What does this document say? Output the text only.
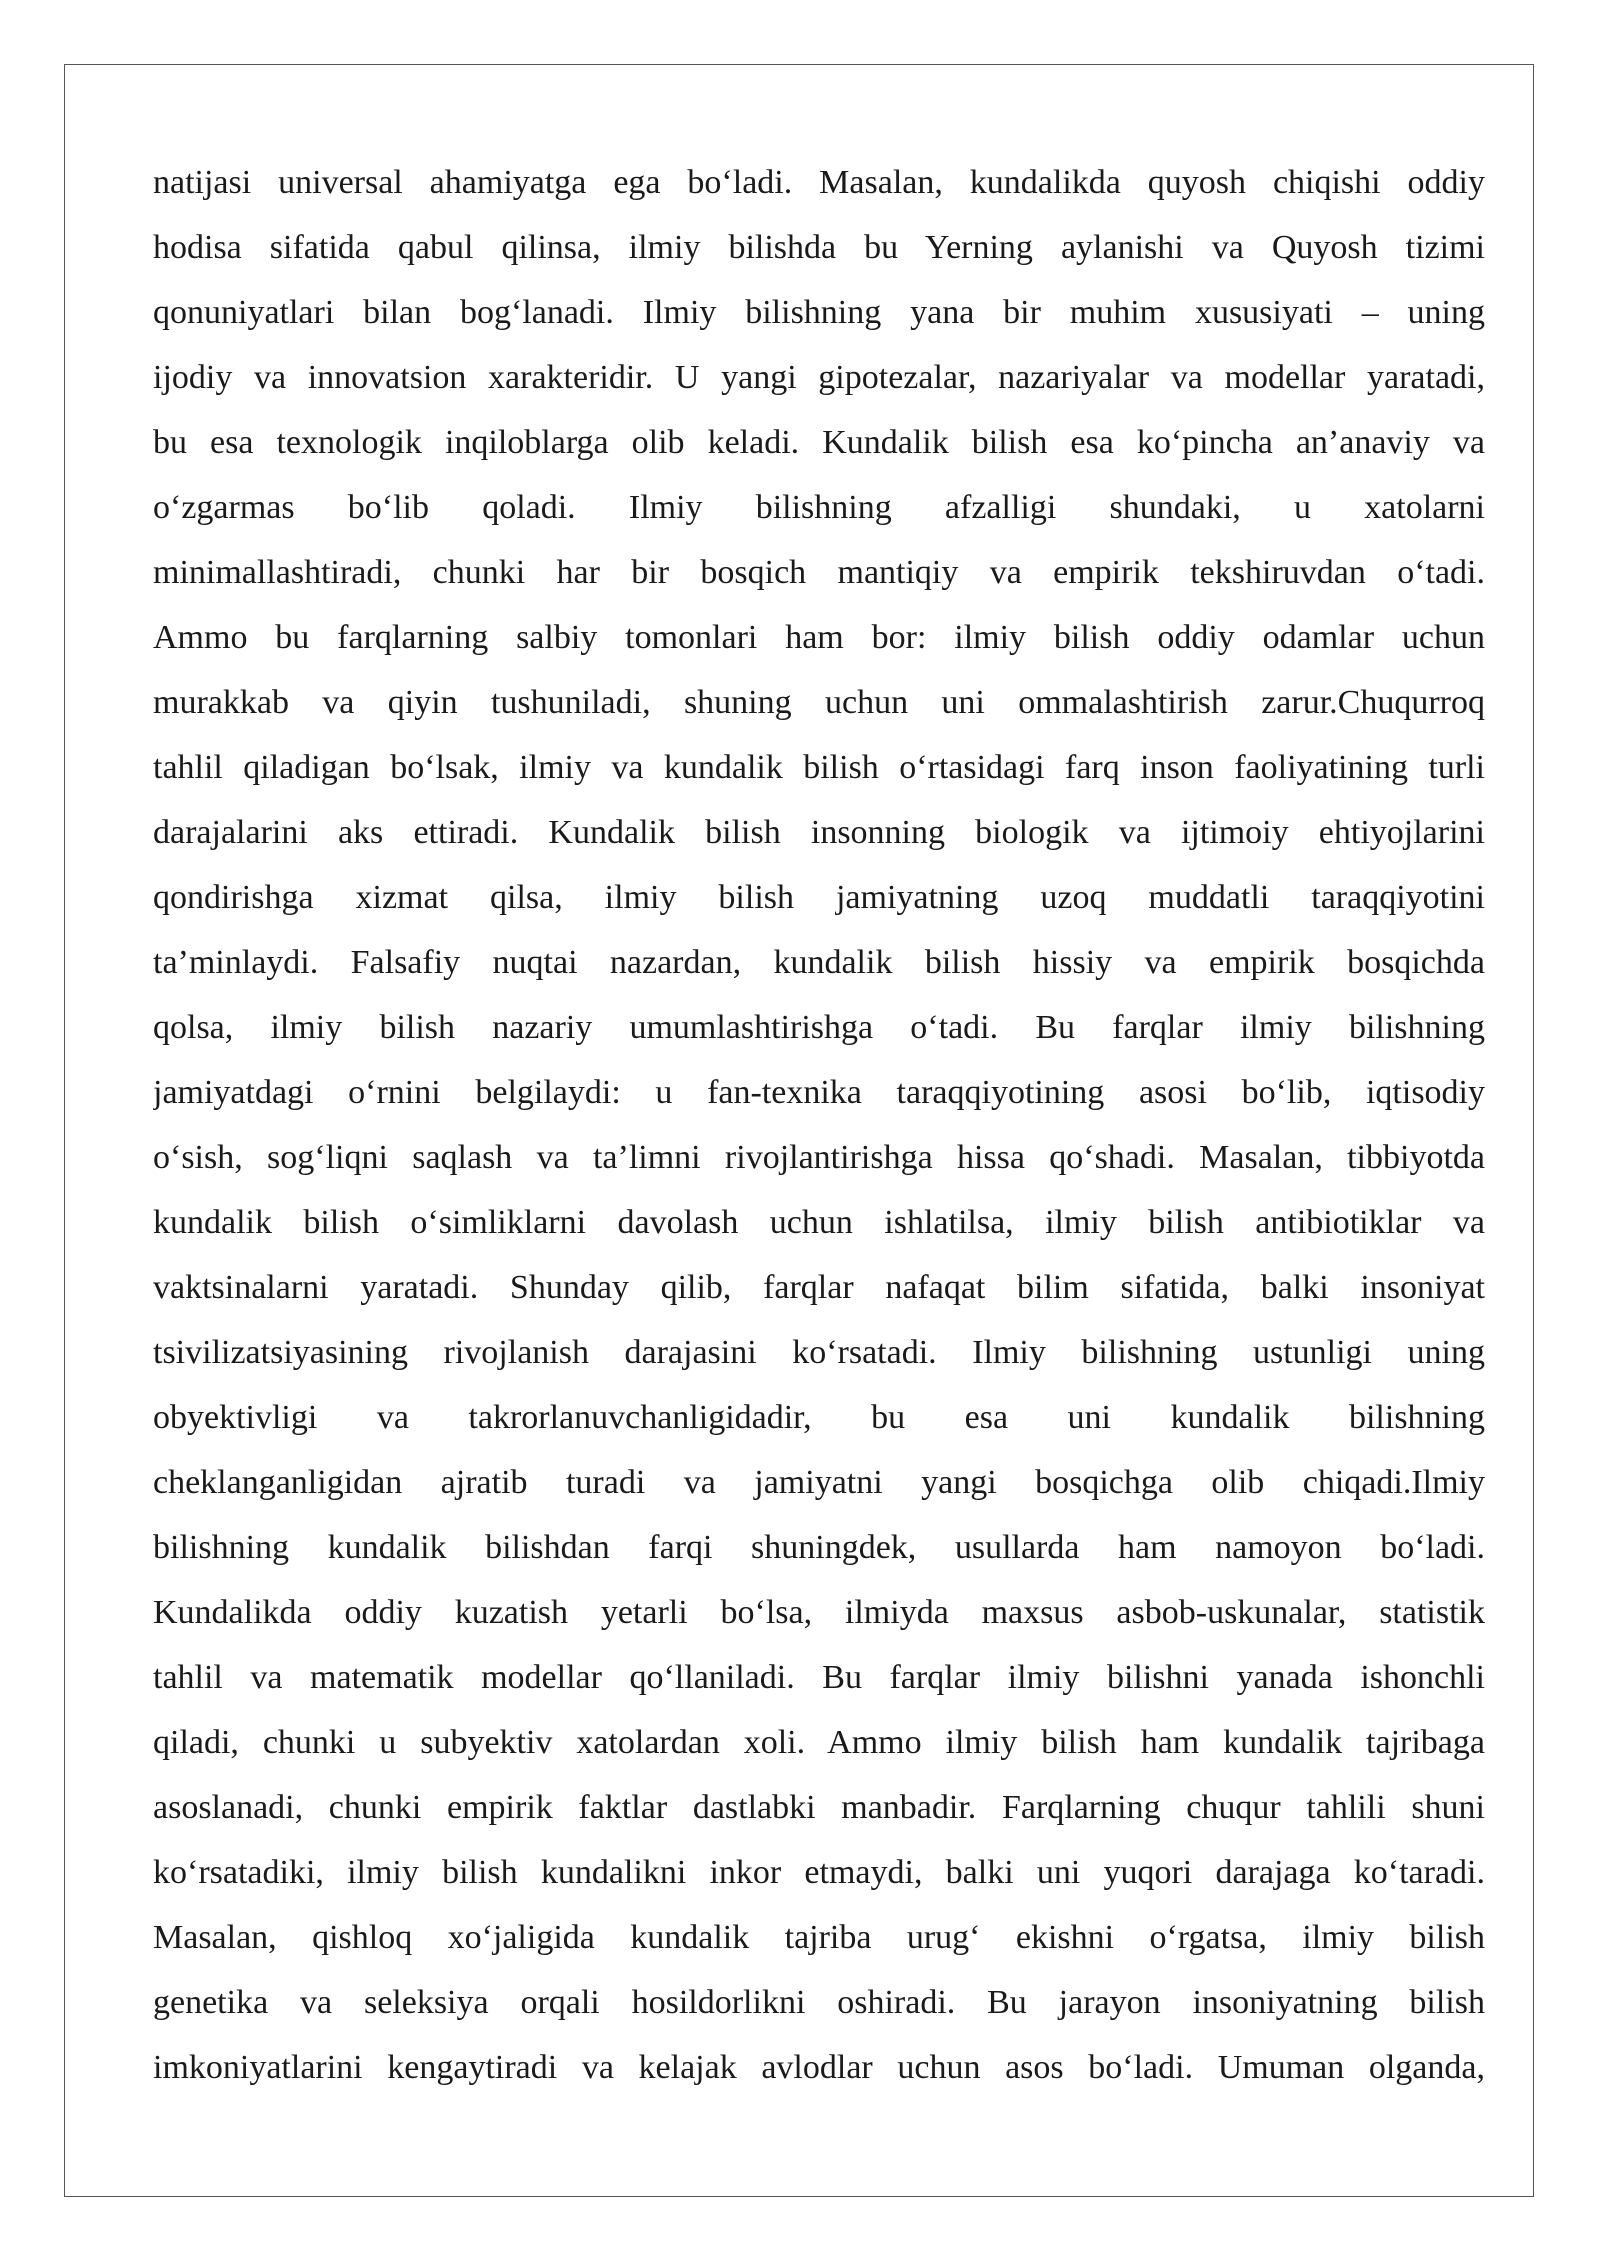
natijasi universal ahamiyatga ega bo‘ladi. Masalan, kundalikda quyosh chiqishi oddiy
hodisa sifatida qabul qilinsa, ilmiy bilishda bu Yerning aylanishi va Quyosh tizimi
qonuniyatlari bilan bog‘lanadi. Ilmiy bilishning yana bir muhim xususiyati – uning
ijodiy va innovatsion xarakteridir. U yangi gipotezalar, nazariyalar va modellar yaratadi,
bu esa texnologik inqiloblarga olib keladi. Kundalik bilish esa ko‘pincha an’anaviy va
o‘zgarmas bo‘lib qoladi. Ilmiy bilishning afzalligi shundaki, u xatolarni
minimallashtiradi, chunki har bir bosqich mantiqiy va empirik tekshiruvdan o‘tadi.
Ammo bu farqlarning salbiy tomonlari ham bor: ilmiy bilish oddiy odamlar uchun
murakkab va qiyin tushuniladi, shuning uchun uni ommalashtirish zarur.Chuqurroq
tahlil qiladigan bo‘lsak, ilmiy va kundalik bilish o‘rtasidagi farq inson faoliyatining turli
darajalarini aks ettiradi. Kundalik bilish insonning biologik va ijtimoiy ehtiyojlarini
qondirishga xizmat qilsa, ilmiy bilish jamiyatning uzoq muddatli taraqqiyotini
ta’minlaydi. Falsafiy nuqtai nazardan, kundalik bilish hissiy va empirik bosqichda
qolsa, ilmiy bilish nazariy umumlashtirishga o‘tadi. Bu farqlar ilmiy bilishning
jamiyatdagi o‘rnini belgilaydi: u fan-texnika taraqqiyotining asosi bo‘lib, iqtisodiy
o‘sish, sog‘liqni saqlash va ta’limni rivojlantirishga hissa qo‘shadi. Masalan, tibbiyotda
kundalik bilish o‘simliklarni davolash uchun ishlatilsa, ilmiy bilish antibiotiklar va
vaktsinalarni yaratadi. Shunday qilib, farqlar nafaqat bilim sifatida, balki insoniyat
tsivilizatsiyasining rivojlanish darajasini ko‘rsatadi. Ilmiy bilishning ustunligi uning
obyektivligi va takrorlanuvchanligidadir, bu esa uni kundalik bilishning
cheklanganligidan ajratib turadi va jamiyatni yangi bosqichga olib chiqadi.Ilmiy
bilishning kundalik bilishdan farqi shuningdek, usullarda ham namoyon bo‘ladi.
Kundalikda oddiy kuzatish yetarli bo‘lsa, ilmiyda maxsus asbob-uskunalar, statistik
tahlil va matematik modellar qo‘llaniladi. Bu farqlar ilmiy bilishni yanada ishonchli
qiladi, chunki u subyektiv xatolardan xoli. Ammo ilmiy bilish ham kundalik tajribaga
asoslanadi, chunki empirik faktlar dastlabki manbadir. Farqlarning chuqur tahlili shuni
ko‘rsatadiki, ilmiy bilish kundalikni inkor etmaydi, balki uni yuqori darajaga ko‘taradi.
Masalan, qishloq xo‘jaligida kundalik tajriba urug‘ ekishni o‘rgatsa, ilmiy bilish
genetika va seleksiya orqali hosildorlikni oshiradi. Bu jarayon insoniyatning bilish
imkoniyatlarini kengaytiradi va kelajak avlodlar uchun asos bo‘ladi. Umuman olganda,
